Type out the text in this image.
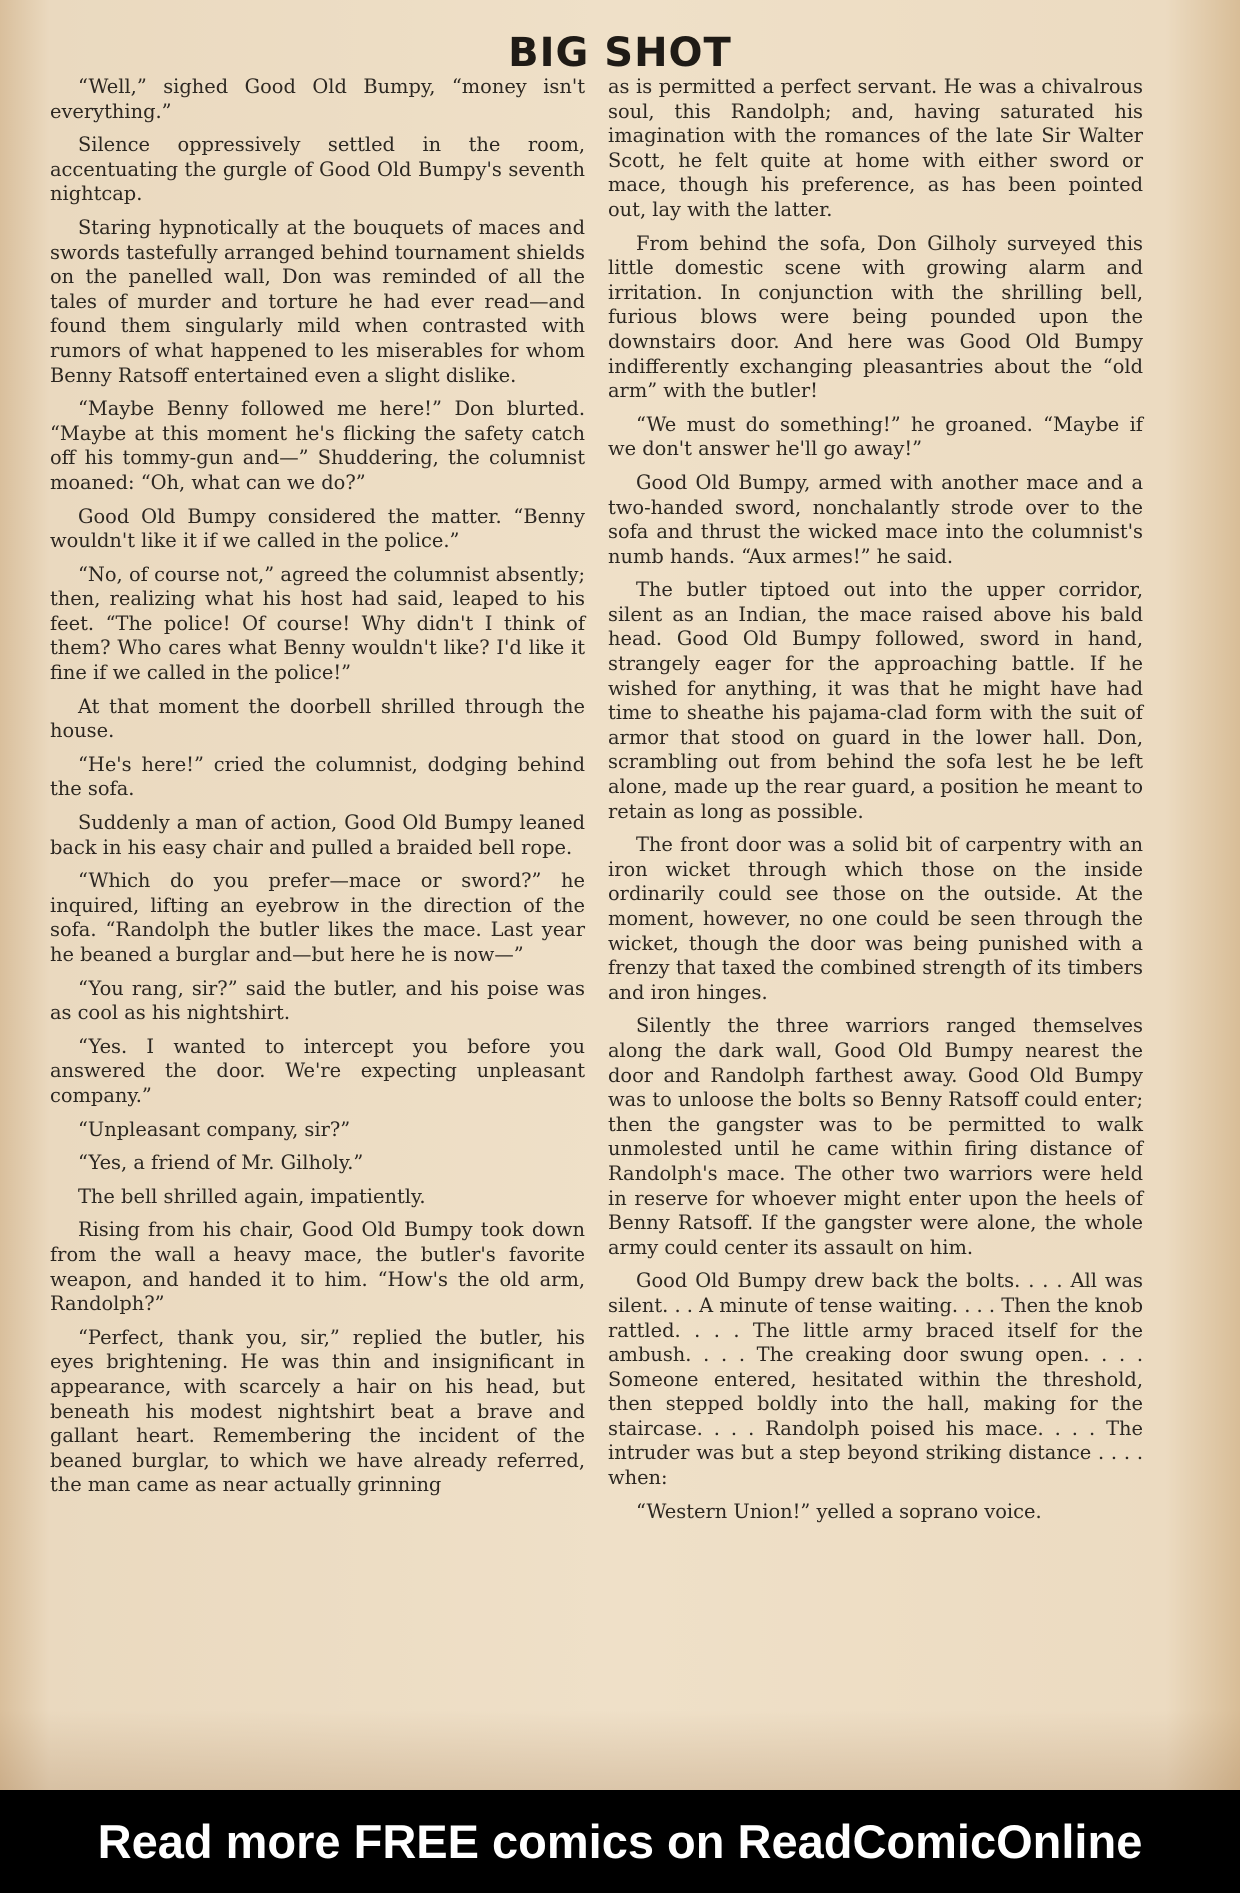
BIG SHOT

“Well,” sighed Good Old Bumpy, “money isn't everything.”

Silence oppressively settled in the room, accentuating the gurgle of Good Old Bumpy's seventh nightcap.

Staring hypnotically at the bouquets of maces and swords tastefully arranged behind tournament shields on the panelled wall, Don was reminded of all the tales of murder and torture he had ever read—and found them singularly mild when contrasted with rumors of what happened to les miserables for whom Benny Ratsoff entertained even a slight dislike.

“Maybe Benny followed me here!” Don blurted. “Maybe at this moment he's flicking the safety catch off his tommy-gun and—” Shuddering, the columnist moaned: “Oh, what can we do?”

Good Old Bumpy considered the matter. “Benny wouldn't like it if we called in the police.”

“No, of course not,” agreed the columnist absently; then, realizing what his host had said, leaped to his feet. “The police! Of course! Why didn't I think of them? Who cares what Benny wouldn't like? I'd like it fine if we called in the police!”

At that moment the doorbell shrilled through the house.

“He's here!” cried the columnist, dodging behind the sofa.

Suddenly a man of action, Good Old Bumpy leaned back in his easy chair and pulled a braided bell rope.

“Which do you prefer—mace or sword?” he inquired, lifting an eyebrow in the direction of the sofa. “Randolph the butler likes the mace. Last year he beaned a burglar and—but here he is now—”

“You rang, sir?” said the butler, and his poise was as cool as his nightshirt.

“Yes. I wanted to intercept you before you answered the door. We're expecting unpleasant company.”

“Unpleasant company, sir?”

“Yes, a friend of Mr. Gilholy.”

The bell shrilled again, impatiently.

Rising from his chair, Good Old Bumpy took down from the wall a heavy mace, the butler's favorite weapon, and handed it to him. “How's the old arm, Randolph?”

“Perfect, thank you, sir,” replied the butler, his eyes brightening. He was thin and insignificant in appearance, with scarcely a hair on his head, but beneath his modest nightshirt beat a brave and gallant heart. Remembering the incident of the beaned burglar, to which we have already referred, the man came as near actually grinning

as is permitted a perfect servant. He was a chivalrous soul, this Randolph; and, having saturated his imagination with the romances of the late Sir Walter Scott, he felt quite at home with either sword or mace, though his preference, as has been pointed out, lay with the latter.

From behind the sofa, Don Gilholy surveyed this little domestic scene with growing alarm and irritation. In conjunction with the shrilling bell, furious blows were being pounded upon the downstairs door. And here was Good Old Bumpy indifferently exchanging pleasantries about the “old arm” with the butler!

“We must do something!” he groaned. “Maybe if we don't answer he'll go away!”

Good Old Bumpy, armed with another mace and a two-handed sword, nonchalantly strode over to the sofa and thrust the wicked mace into the columnist's numb hands. “Aux armes!” he said.

The butler tiptoed out into the upper corridor, silent as an Indian, the mace raised above his bald head. Good Old Bumpy followed, sword in hand, strangely eager for the approaching battle. If he wished for anything, it was that he might have had time to sheathe his pajama-clad form with the suit of armor that stood on guard in the lower hall. Don, scrambling out from behind the sofa lest he be left alone, made up the rear guard, a position he meant to retain as long as possible.

The front door was a solid bit of carpentry with an iron wicket through which those on the inside ordinarily could see those on the outside. At the moment, however, no one could be seen through the wicket, though the door was being punished with a frenzy that taxed the combined strength of its timbers and iron hinges.

Silently the three warriors ranged themselves along the dark wall, Good Old Bumpy nearest the door and Randolph farthest away. Good Old Bumpy was to unloose the bolts so Benny Ratsoff could enter; then the gangster was to be permitted to walk unmolested until he came within firing distance of Randolph's mace. The other two warriors were held in reserve for whoever might enter upon the heels of Benny Ratsoff. If the gangster were alone, the whole army could center its assault on him.

Good Old Bumpy drew back the bolts. . . . All was silent. . . A minute of tense waiting. . . . Then the knob rattled. . . . The little army braced itself for the ambush. . . . The creaking door swung open. . . . Someone entered, hesitated within the threshold, then stepped boldly into the hall, making for the staircase. . . . Randolph poised his mace. . . . The intruder was but a step beyond striking distance . . . . when:

“Western Union!” yelled a soprano voice.

Read more FREE comics on ReadComicOnline
